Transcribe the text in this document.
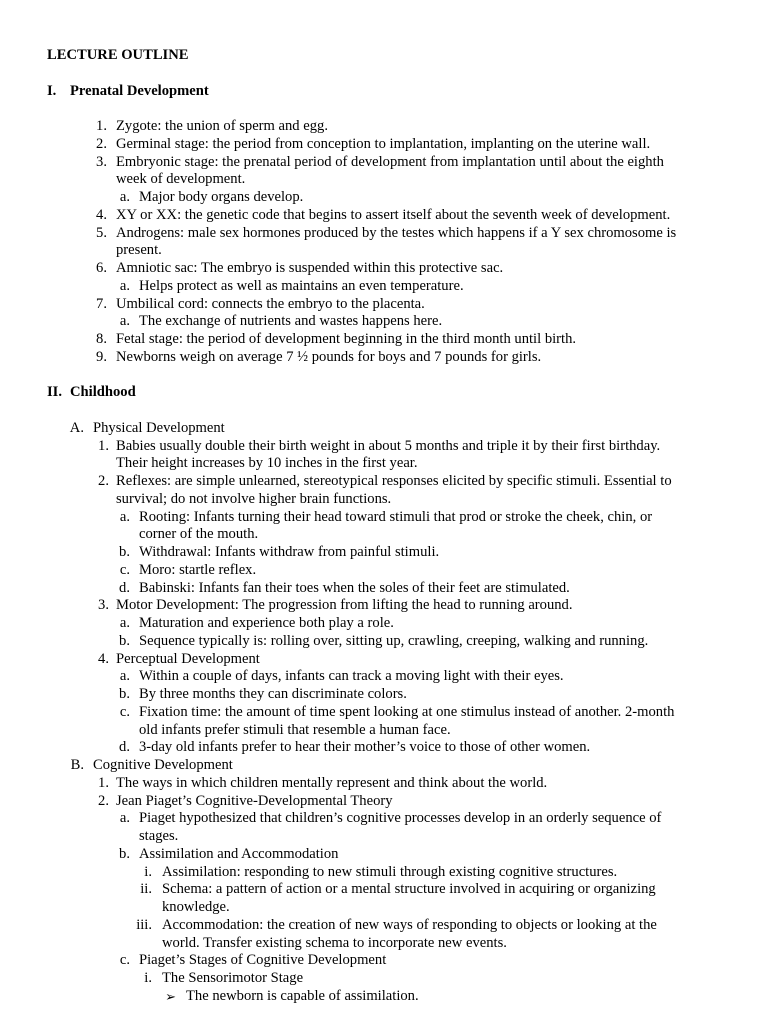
LECTURE OUTLINE
I. Prenatal Development
1. Zygote: the union of sperm and egg.
2. Germinal stage: the period from conception to implantation, implanting on the uterine wall.
3. Embryonic stage: the prenatal period of development from implantation until about the eighth
week of development.
a. Major body organs develop.
4. XY or XX: the genetic code that begins to assert itself about the seventh week of development.
5. Androgens: male sex hormones produced by the testes which happens if a Y sex chromosome is
present.
6. Amniotic sac: The embryo is suspended within this protective sac.
a. Helps protect as well as maintains an even temperature.
7. Umbilical cord: connects the embryo to the placenta.
a. The exchange of nutrients and wastes happens here.
8. Fetal stage: the period of development beginning in the third month until birth.
9. Newborns weigh on average 7 ½ pounds for boys and 7 pounds for girls.
II. Childhood
A. Physical Development
1. Babies usually double their birth weight in about 5 months and triple it by their first birthday.
Their height increases by 10 inches in the first year.
2. Reflexes: are simple unlearned, stereotypical responses elicited by specific stimuli. Essential to
survival; do not involve higher brain functions.
a. Rooting: Infants turning their head toward stimuli that prod or stroke the cheek, chin, or
corner of the mouth.
b. Withdrawal: Infants withdraw from painful stimuli.
c. Moro: startle reflex.
d. Babinski: Infants fan their toes when the soles of their feet are stimulated.
3. Motor Development: The progression from lifting the head to running around.
a. Maturation and experience both play a role.
b. Sequence typically is: rolling over, sitting up, crawling, creeping, walking and running.
4. Perceptual Development
a. Within a couple of days, infants can track a moving light with their eyes.
b. By three months they can discriminate colors.
c. Fixation time: the amount of time spent looking at one stimulus instead of another. 2-month
old infants prefer stimuli that resemble a human face.
d. 3-day old infants prefer to hear their mother’s voice to those of other women.
B. Cognitive Development
1. The ways in which children mentally represent and think about the world.
2. Jean Piaget’s Cognitive-Developmental Theory
a. Piaget hypothesized that children’s cognitive processes develop in an orderly sequence of
stages.
b. Assimilation and Accommodation
i. Assimilation: responding to new stimuli through existing cognitive structures.
ii. Schema: a pattern of action or a mental structure involved in acquiring or organizing
knowledge.
iii. Accommodation: the creation of new ways of responding to objects or looking at the
world. Transfer existing schema to incorporate new events.
c. Piaget’s Stages of Cognitive Development
i. The Sensorimotor Stage
➢ The newborn is capable of assimilation.
